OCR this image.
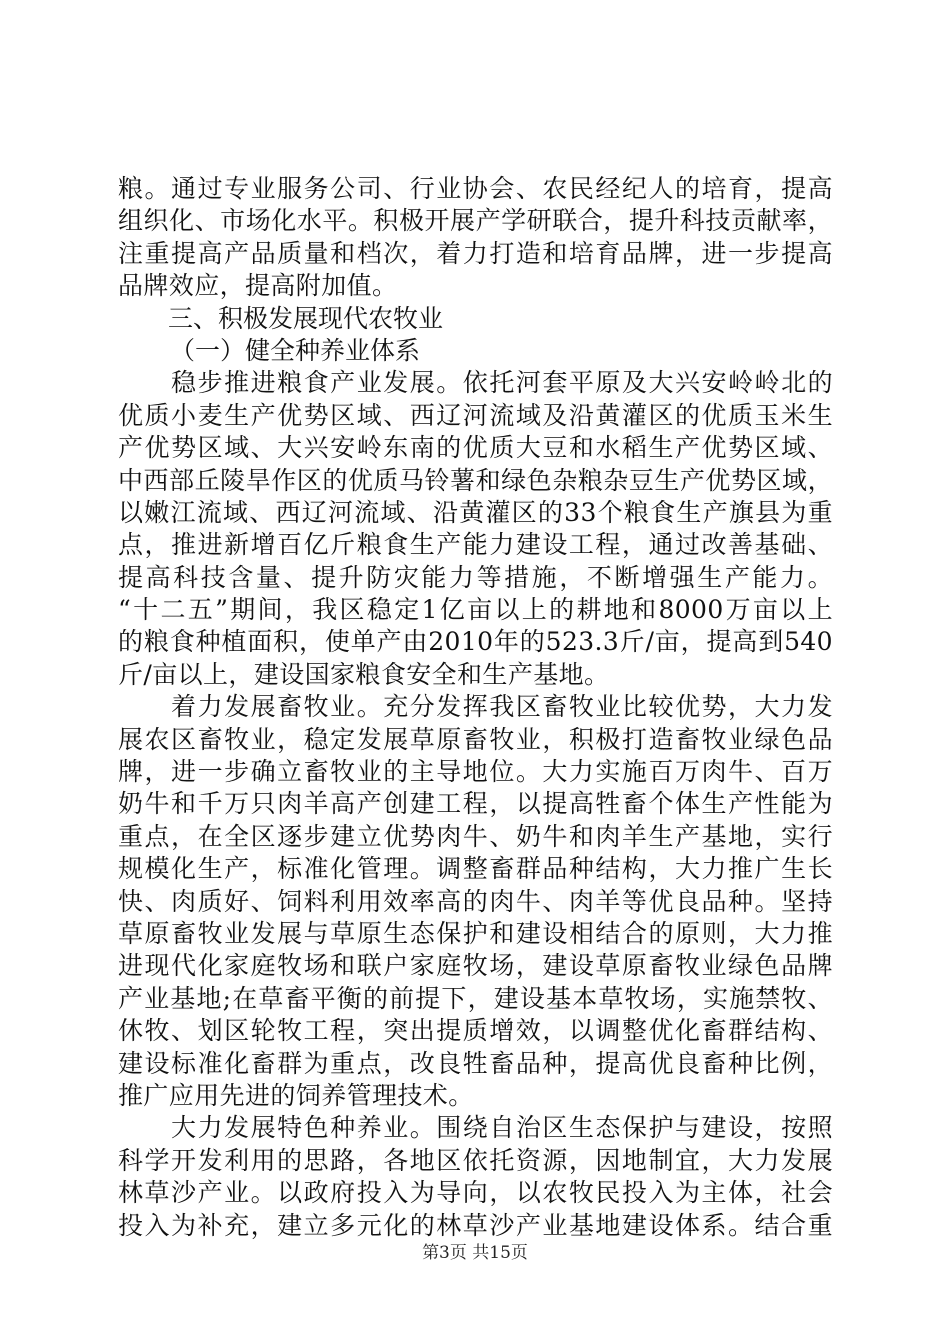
粮。通过专业服务公司、行业协会、农民经纪人的培育，提高
组织化、市场化水平。积极开展产学研联合，提升科技贡献率，
注重提高产品质量和档次，着力打造和培育品牌，进一步提高
品牌效应，提高附加值。
三、积极发展现代农牧业
（一）健全种养业体系
　　稳步推进粮食产业发展。依托河套平原及大兴安岭岭北的
优质小麦生产优势区域、西辽河流域及沿黄灌区的优质玉米生
产优势区域、大兴安岭东南的优质大豆和水稻生产优势区域、
中西部丘陵旱作区的优质马铃薯和绿色杂粮杂豆生产优势区域，
以嫩江流域、西辽河流域、沿黄灌区的33个粮食生产旗县为重
点，推进新增百亿斤粮食生产能力建设工程，通过改善基础、
提高科技含量、提升防灾能力等措施，不断增强生产能力。
“十二五”期间，我区稳定1亿亩以上的耕地和8000万亩以上
的粮食种植面积，使单产由2010年的523.3斤/亩，提高到540
斤/亩以上，建设国家粮食安全和生产基地。
　　着力发展畜牧业。充分发挥我区畜牧业比较优势，大力发
展农区畜牧业，稳定发展草原畜牧业，积极打造畜牧业绿色品
牌，进一步确立畜牧业的主导地位。大力实施百万肉牛、百万
奶牛和千万只肉羊高产创建工程，以提高牲畜个体生产性能为
重点，在全区逐步建立优势肉牛、奶牛和肉羊生产基地，实行
规模化生产，标准化管理。调整畜群品种结构，大力推广生长
快、肉质好、饲料利用效率高的肉牛、肉羊等优良品种。坚持
草原畜牧业发展与草原生态保护和建设相结合的原则，大力推
进现代化家庭牧场和联户家庭牧场，建设草原畜牧业绿色品牌
产业基地;在草畜平衡的前提下，建设基本草牧场，实施禁牧、
休牧、划区轮牧工程，突出提质增效，以调整优化畜群结构、
建设标准化畜群为重点，改良牲畜品种，提高优良畜种比例，
推广应用先进的饲养管理技术。
　　大力发展特色种养业。围绕自治区生态保护与建设，按照
科学开发利用的思路，各地区依托资源，因地制宜，大力发展
林草沙产业。以政府投入为导向，以农牧民投入为主体，社会
投入为补充，建立多元化的林草沙产业基地建设体系。结合重
第3页 共15页
